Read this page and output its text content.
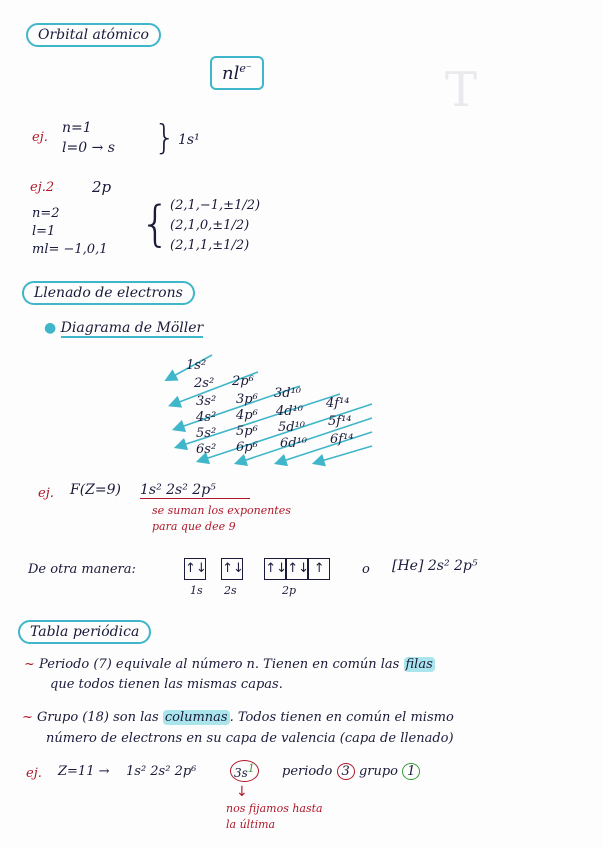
T
Orbital atómico
$nl^{e^-}$
ej.
n=1
l=0 → s } 1s¹
ej.2	2p
n=2
l=1
ml= −1,0,1 { (2,1,−1,±1/2)
(2,1,0,±1/2)
(2,1,1,±1/2)
Llenado de electrons
● Diagrama de Möller
1s²
2s² 2p⁶
3s² 3p⁶ 3d¹⁰
4s² 4p⁶ 4d¹⁰
4f¹⁴
5s² 5p⁶ 5d¹⁰ 5f¹⁴
6s² 6p⁶ 6d¹⁰ 6f¹⁴
ej. F(Z=9) 1s² 2s² 2p⁵
se suman los exponentes
para que dee 9
De otra manera:	↑↓ ↑↓ ↑↓↑↓ ↑
1s 2s	2p
o [He] 2s² 2p⁵
Tabla periódica
~ Periodo (7) equivale al número n. Tienen en común las filas
que todos tienen las mismas capas.
~ Grupo (18) son las columnas . Todos tienen en común el mismo
número de electrons en su capa de valencia (capa de llenado)
ej. Z=11 → 1s² 2s² 2p⁶	$3s^1$	periodo 3 grupo 1
↓
nos fijamos hasta
la última
